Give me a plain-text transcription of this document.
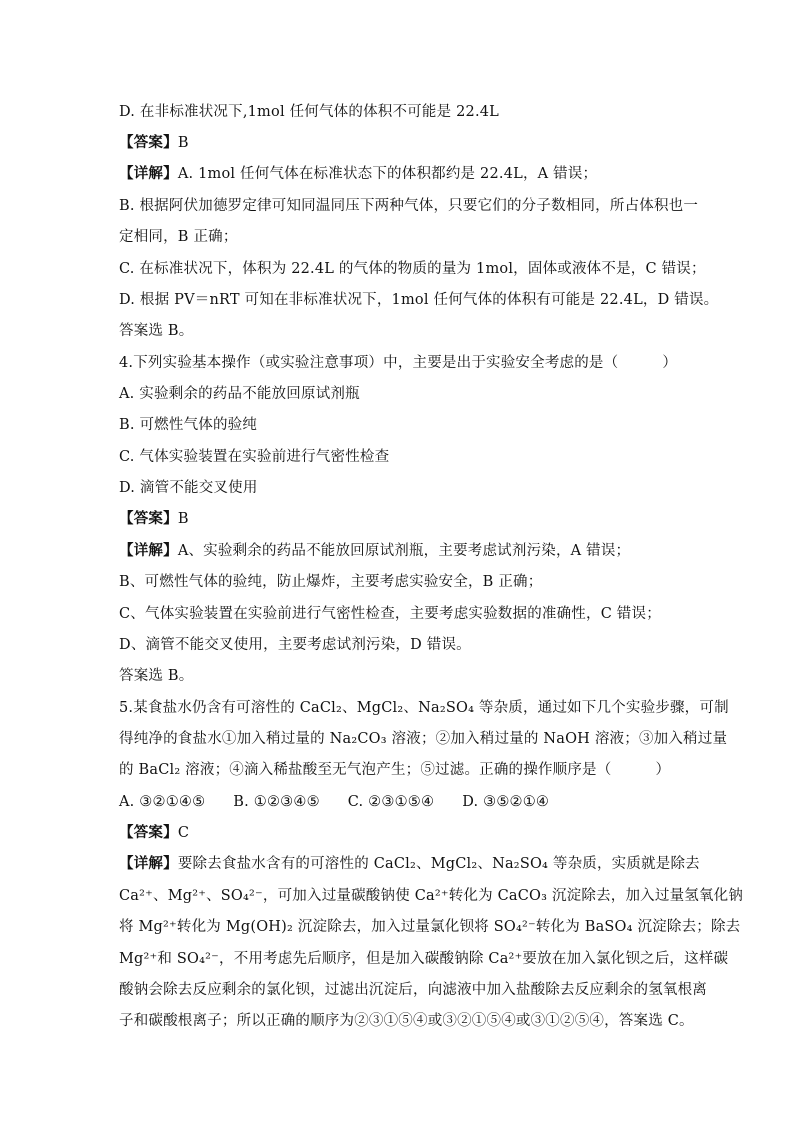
D. 在非标准状况下,1mol 任何气体的体积不可能是 22.4L
【答案】B
【详解】A. 1mol 任何气体在标准状态下的体积都约是 22.4L，A 错误；
B. 根据阿伏加德罗定律可知同温同压下两种气体，只要它们的分子数相同，所占体积也一
定相同，B 正确；
C. 在标准状况下，体积为 22.4L 的气体的物质的量为 1mol，固体或液体不是，C 错误；
D. 根据 PV＝nRT 可知在非标准状况下，1mol 任何气体的体积有可能是 22.4L，D 错误。
答案选 B。
4.下列实验基本操作（或实验注意事项）中，主要是出于实验安全考虑的是（　　　）
A. 实验剩余的药品不能放回原试剂瓶
B. 可燃性气体的验纯
C. 气体实验装置在实验前进行气密性检查
D. 滴管不能交叉使用
【答案】B
【详解】A、实验剩余的药品不能放回原试剂瓶，主要考虑试剂污染，A 错误；
B、可燃性气体的验纯，防止爆炸，主要考虑实验安全，B 正确；
C、气体实验装置在实验前进行气密性检查，主要考虑实验数据的准确性，C 错误；
D、滴管不能交叉使用，主要考虑试剂污染，D 错误。
答案选 B。
5.某食盐水仍含有可溶性的 CaCl₂、MgCl₂、Na₂SO₄ 等杂质，通过如下几个实验步骤，可制
得纯净的食盐水①加入稍过量的 Na₂CO₃ 溶液；②加入稍过量的 NaOH 溶液；③加入稍过量
的 BaCl₂ 溶液；④滴入稀盐酸至无气泡产生；⑤过滤。正确的操作顺序是（　　　）
A. ③②①④⑤ B. ①②③④⑤ C. ②③①⑤④ D. ③⑤②①④
【答案】C
【详解】要除去食盐水含有的可溶性的 CaCl₂、MgCl₂、Na₂SO₄ 等杂质，实质就是除去
Ca²⁺、Mg²⁺、SO₄²⁻，可加入过量碳酸钠使 Ca²⁺转化为 CaCO₃ 沉淀除去，加入过量氢氧化钠
将 Mg²⁺转化为 Mg(OH)₂ 沉淀除去，加入过量氯化钡将 SO₄²⁻转化为 BaSO₄ 沉淀除去；除去
Mg²⁺和 SO₄²⁻，不用考虑先后顺序，但是加入碳酸钠除 Ca²⁺要放在加入氯化钡之后，这样碳
酸钠会除去反应剩余的氯化钡，过滤出沉淀后，向滤液中加入盐酸除去反应剩余的氢氧根离
子和碳酸根离子；所以正确的顺序为②③①⑤④或③②①⑤④或③①②⑤④，答案选 C。
